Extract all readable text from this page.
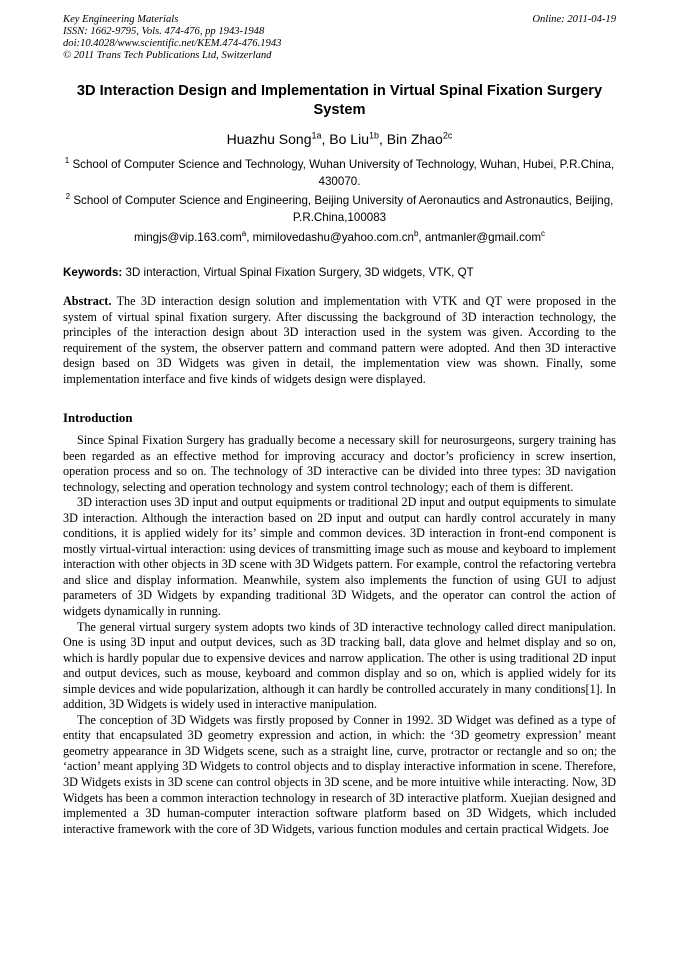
Key Engineering Materials
ISSN: 1662-9795, Vols. 474-476, pp 1943-1948
doi:10.4028/www.scientific.net/KEM.474-476.1943
© 2011 Trans Tech Publications Ltd, Switzerland
Online: 2011-04-19
3D Interaction Design and Implementation in Virtual Spinal Fixation Surgery System
Huazhu Song$^{1a}$, Bo Liu$^{1b}$, Bin Zhao$^{2c}$
$^1$ School of Computer Science and Technology, Wuhan University of Technology, Wuhan, Hubei, P.R.China, 430070.
$^2$ School of Computer Science and Engineering, Beijing University of Aeronautics and Astronautics, Beijing, P.R.China,100083
mingjs@vip.163.com$^a$, $mimilovedashu@yahoo.com.cn^b$, antmanler@gmail.com$^c$
Keywords: 3D interaction, Virtual Spinal Fixation Surgery, 3D widgets, VTK, QT
Abstract. The 3D interaction design solution and implementation with VTK and QT were proposed in the system of virtual spinal fixation surgery. After discussing the background of 3D interaction technology, the principles of the interaction design about 3D interaction used in the system was given. According to the requirement of the system, the observer pattern and command pattern were adopted. And then 3D interactive design based on 3D Widgets was given in detail, the implementation view was shown. Finally, some implementation interface and five kinds of widgets design were displayed.
Introduction

Since Spinal Fixation Surgery has gradually become a necessary skill for neurosurgeons, surgery training has been regarded as an effective method for improving accuracy and doctor’s proficiency in screw insertion, operation process and so on. The technology of 3D interactive can be divided into three types: 3D navigation technology, selecting and operation technology and system control technology; each of them is different.

3D interaction uses 3D input and output equipments or traditional 2D input and output equipments to simulate 3D interaction. Although the interaction based on 2D input and output can hardly control accurately in many conditions, it is applied widely for its’ simple and common devices. 3D interaction in front-end component is mostly virtual-virtual interaction: using devices of transmitting image such as mouse and keyboard to implement interaction with other objects in 3D scene with 3D Widgets pattern. For example, control the refactoring vertebra and slice and display information. Meanwhile, system also implements the function of using GUI to adjust parameters of 3D Widgets by expanding traditional 3D Widgets, and the operator can control the action of widgets dynamically in running.

The general virtual surgery system adopts two kinds of 3D interactive technology called direct manipulation. One is using 3D input and output devices, such as 3D tracking ball, data glove and helmet display and so on, which is hardly popular due to expensive devices and narrow application. The other is using traditional 2D input and output devices, such as mouse, keyboard and common display and so on, which is applied widely for its simple devices and wide popularization, although it can hardly be controlled accurately in many conditions[1]. In addition, 3D Widgets is widely used in interactive manipulation.

The conception of 3D Widgets was firstly proposed by Conner in 1992. 3D Widget was defined as a type of entity that encapsulated 3D geometry expression and action, in which: the ‘3D geometry expression’ meant geometry appearance in 3D Widgets scene, such as a straight line, curve, protractor or rectangle and so on; the ‘action’ meant applying 3D Widgets to control objects and to display interactive information in scene. Therefore, 3D Widgets exists in 3D scene can control objects in 3D scene, and be more intuitive while interacting. Now, 3D Widgets has been a common interaction technology in research of 3D interactive platform. Xuejian designed and implemented a 3D human-computer interaction software platform based on 3D Widgets, which included interactive framework with the core of 3D Widgets, various function modules and certain practical Widgets. Joe
